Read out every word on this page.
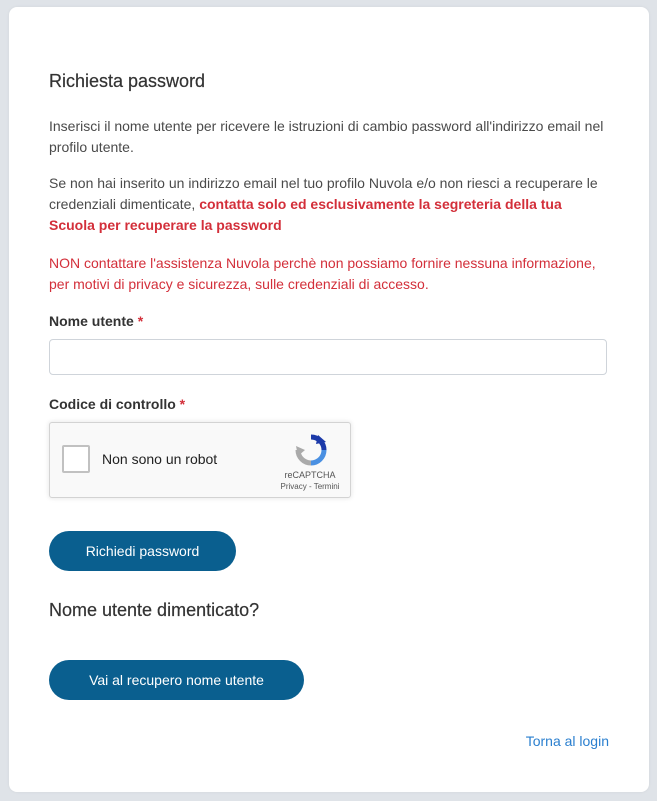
Richiesta password

Inserisci il nome utente per ricevere le istruzioni di cambio password all'indirizzo email nel profilo utente.

Se non hai inserito un indirizzo email nel tuo profilo Nuvola e/o non riesci a recuperare le credenziali dimenticate, contatta solo ed esclusivamente la segreteria della tua Scuola per recuperare la password

NON contattare l'assistenza Nuvola perchè non possiamo fornire nessuna informazione, per motivi di privacy e sicurezza, sulle credenziali di accesso.

Nome utente *
Codice di controllo *
Non sono un robot
reCAPTCHA
Privacy - Termini
Richiedi password
Nome utente dimenticato?
Vai al recupero nome utente
Torna al login
